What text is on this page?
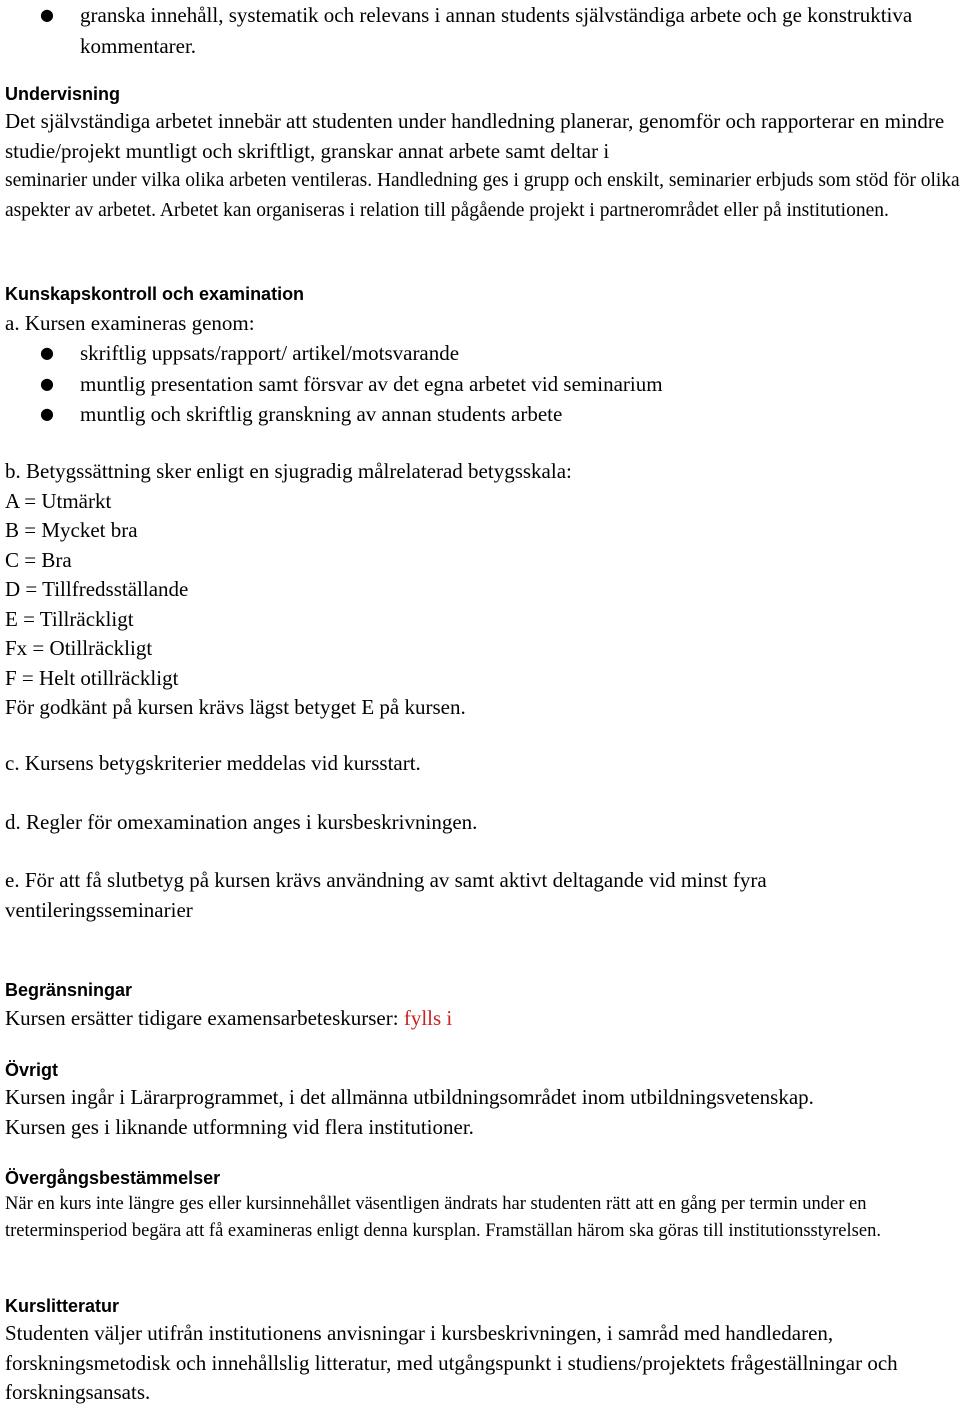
● granska innehåll, systematik och relevans i annan students självständiga arbete och ge konstruktiva kommentarer.
Undervisning

Det självständiga arbetet innebär att studenten under handledning planerar, genomför och rapporterar en mindre studie/projekt muntligt och skriftligt, granskar annat arbete samt deltar i

seminarier under vilka olika arbeten ventileras. Handledning ges i grupp och enskilt, seminarier erbjuds som stöd för olika aspekter av arbetet. Arbetet kan organiseras i relation till pågående projekt i partnerområdet eller på institutionen.

Kunskapskontroll och examination

a. Kursen examineras genom:

● skriftlig uppsats/rapport/ artikel/motsvarande
● muntlig presentation samt försvar av det egna arbetet vid seminarium
● muntlig och skriftlig granskning av annan students arbete

b. Betygssättning sker enligt en sjugradig målrelaterad betygsskala:

A = Utmärkt

B = Mycket bra

C = Bra

D = Tillfredsställande

E = Tillräckligt

Fx = Otillräckligt

F = Helt otillräckligt

För godkänt på kursen krävs lägst betyget E på kursen.

c. Kursens betygskriterier meddelas vid kursstart.

d. Regler för omexamination anges i kursbeskrivningen.

e. För att få slutbetyg på kursen krävs användning av samt aktivt deltagande vid minst fyra ventileringsseminarier

Begränsningar

Kursen ersätter tidigare examensarbeteskurser: fylls i

Övrigt

Kursen ingår i Lärarprogrammet, i det allmänna utbildningsområdet inom utbildningsvetenskap. Kursen ges i liknande utformning vid flera institutioner.

Övergångsbestämmelser

När en kurs inte längre ges eller kursinnehållet väsentligen ändrats har studenten rätt att en gång per termin under en treterminsperiod begära att få examineras enligt denna kursplan. Framställan härom ska göras till institutionsstyrelsen.

Kurslitteratur

Studenten väljer utifrån institutionens anvisningar i kursbeskrivningen, i samråd med handledaren, forskningsmetodisk och innehållslig litteratur, med utgångspunkt i studiens/projektets frågeställningar och forskningsansats.
